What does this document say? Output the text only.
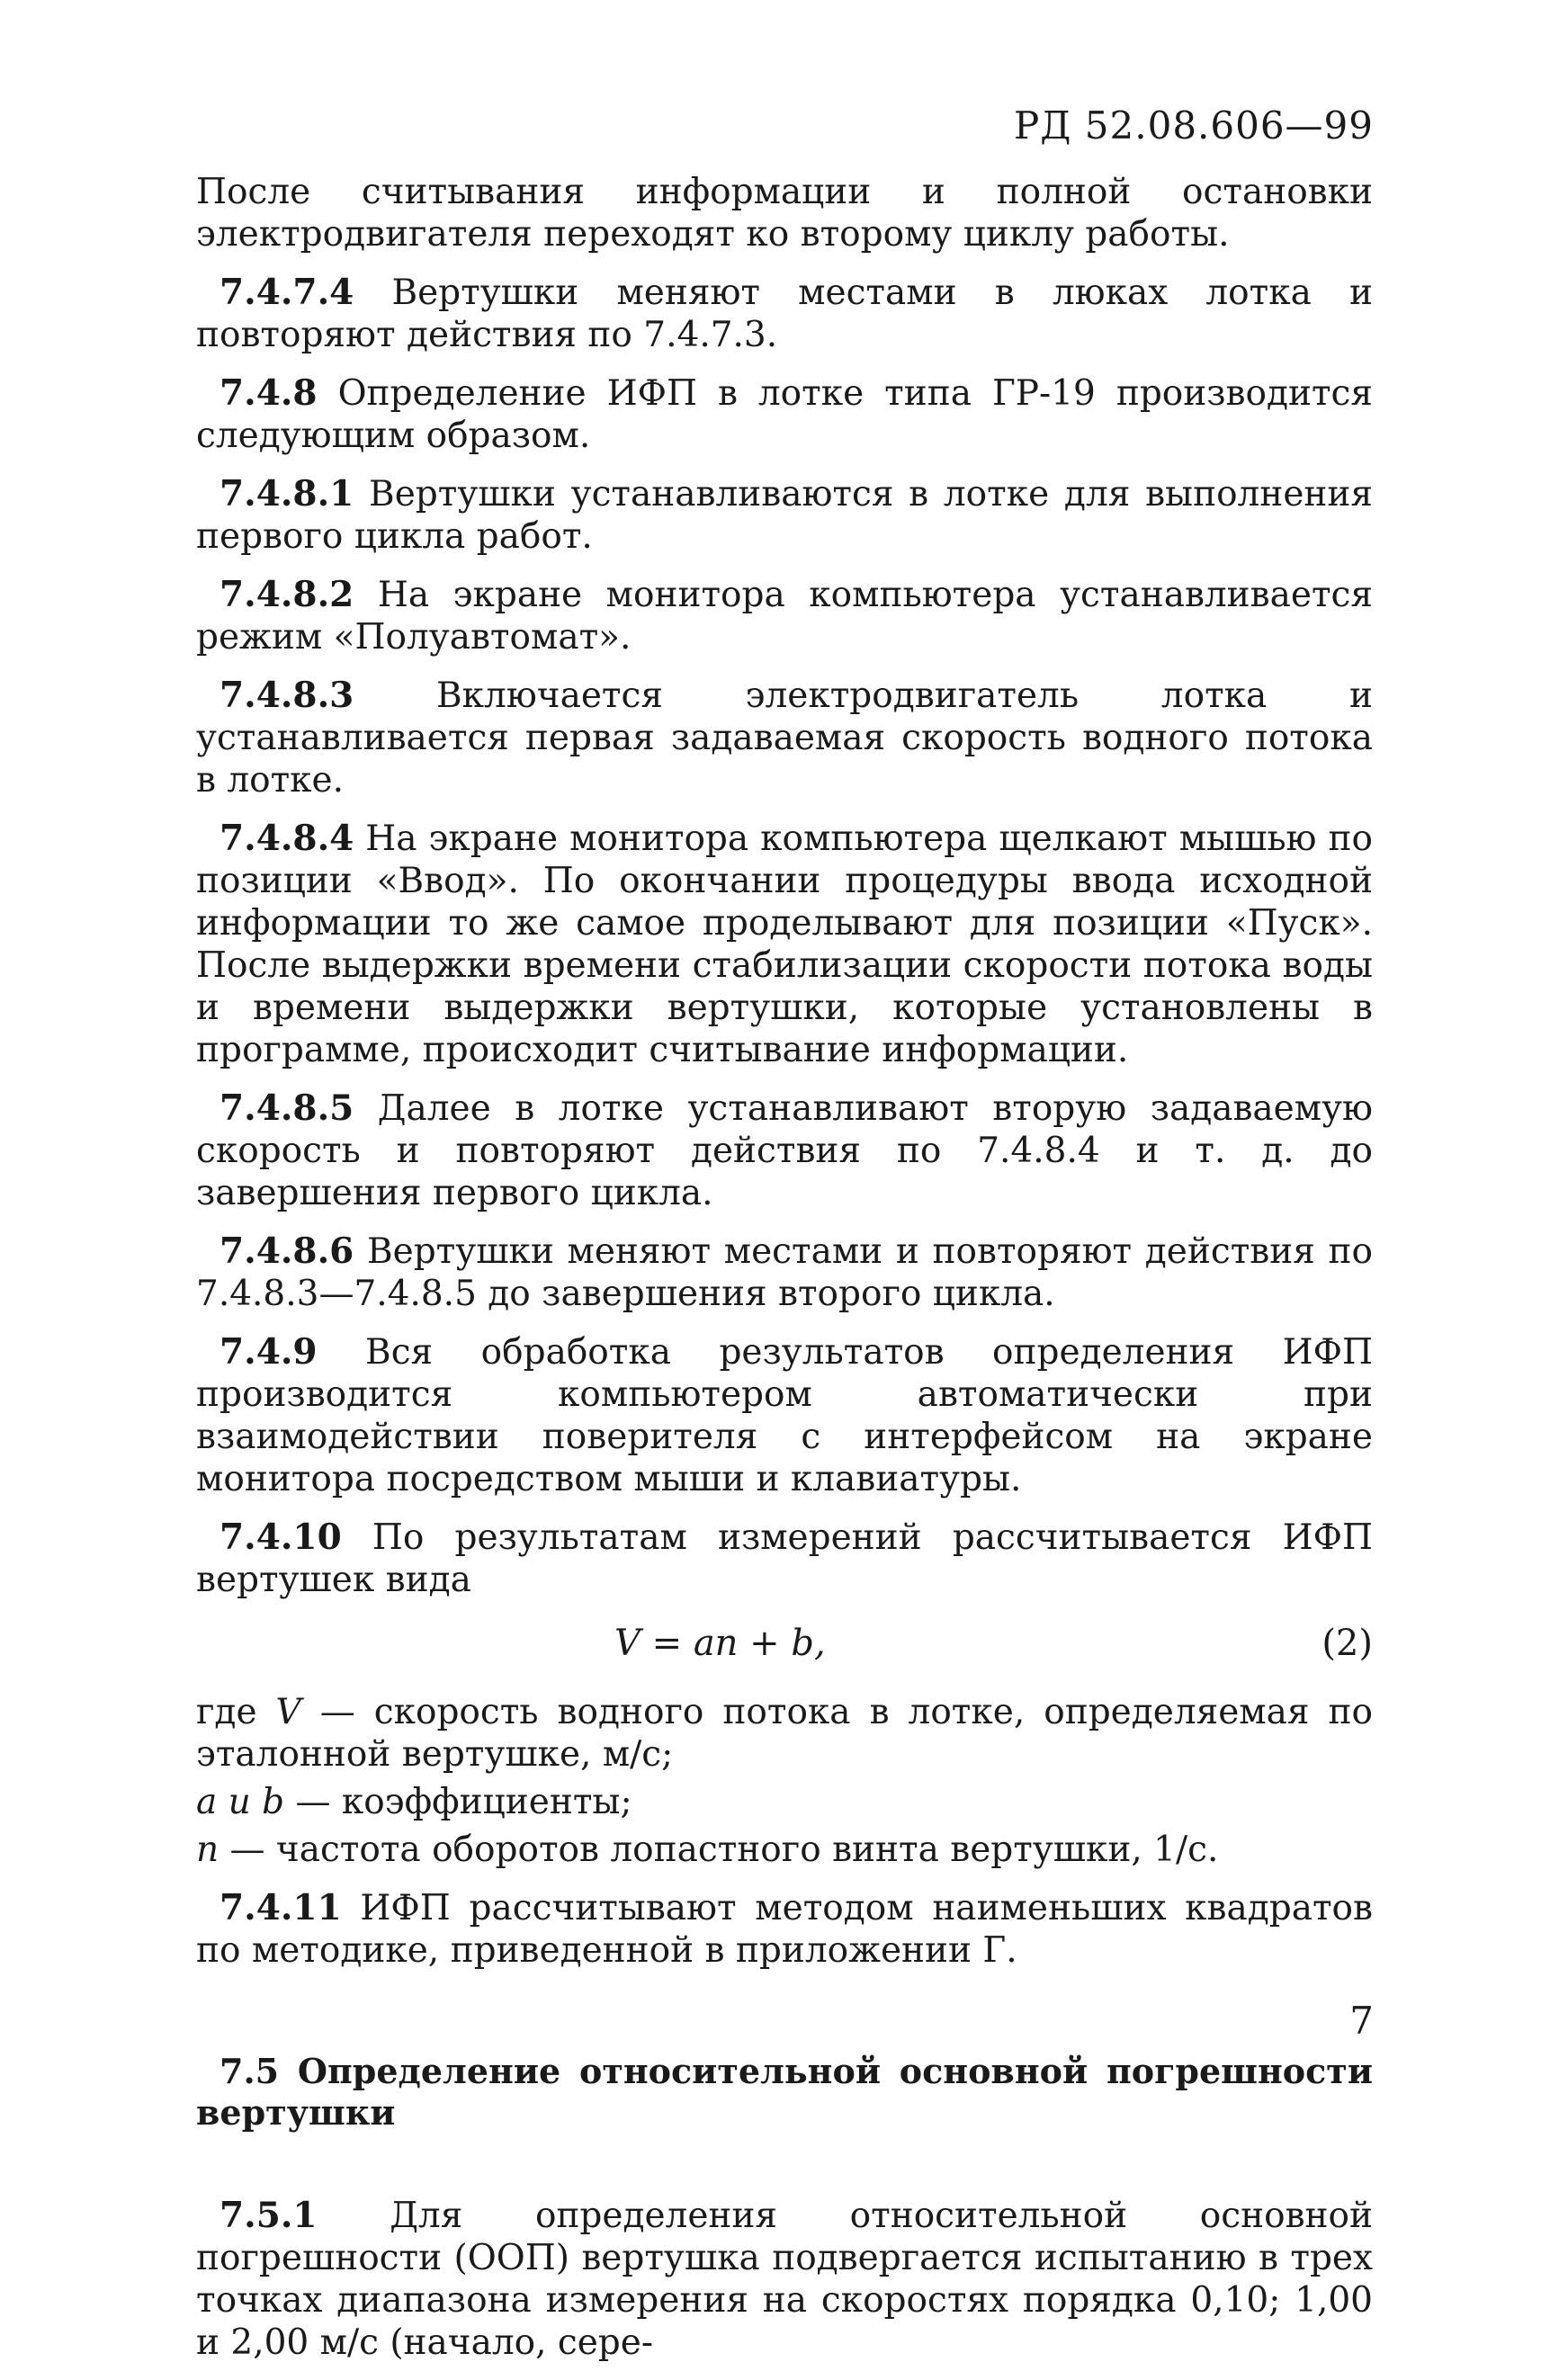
РД 52.08.606—99

После считывания информации и полной остановки электродвигателя переходят ко второму циклу работы.

7.4.7.4 Вертушки меняют местами в люках лотка и повторяют действия по 7.4.7.3.

7.4.8 Определение ИФП в лотке типа ГР-19 производится следующим образом.

7.4.8.1 Вертушки устанавливаются в лотке для выполнения первого цикла работ.

7.4.8.2 На экране монитора компьютера устанавливается режим «Полуавтомат».

7.4.8.3 Включается электродвигатель лотка и устанавливается первая задаваемая скорость водного потока в лотке.

7.4.8.4 На экране монитора компьютера щелкают мышью по позиции «Ввод». По окончании процедуры ввода исходной информации то же самое проделывают для позиции «Пуск». После выдержки времени стабилизации скорости потока воды и времени выдержки вертушки, которые установлены в программе, происходит считывание информации.

7.4.8.5 Далее в лотке устанавливают вторую задаваемую скорость и повторяют действия по 7.4.8.4 и т. д. до завершения первого цикла.

7.4.8.6 Вертушки меняют местами и повторяют действия по 7.4.8.3—7.4.8.5 до завершения второго цикла.

7.4.9 Вся обработка результатов определения ИФП производится компьютером автоматически при взаимодействии поверителя с интерфейсом на экране монитора посредством мыши и клавиатуры.

7.4.10 По результатам измерений рассчитывается ИФП вертушек вида

V = an + b,	(2)

где V — скорость водного потока в лотке, определяемая по эталонной вертушке, м/с;

a и b — коэффициенты;

n — частота оборотов лопастного винта вертушки, 1/с.

7.4.11 ИФП рассчитывают методом наименьших квадратов по методике, приведенной в приложении Г.

7.5 Определение относительной основной погрешности вертушки

7.5.1 Для определения относительной основной погрешности (ООП) вертушка подвергается испытанию в трех точках диапазона измерения на скоростях порядка 0,10; 1,00 и 2,00 м/с (начало, сере-

7
